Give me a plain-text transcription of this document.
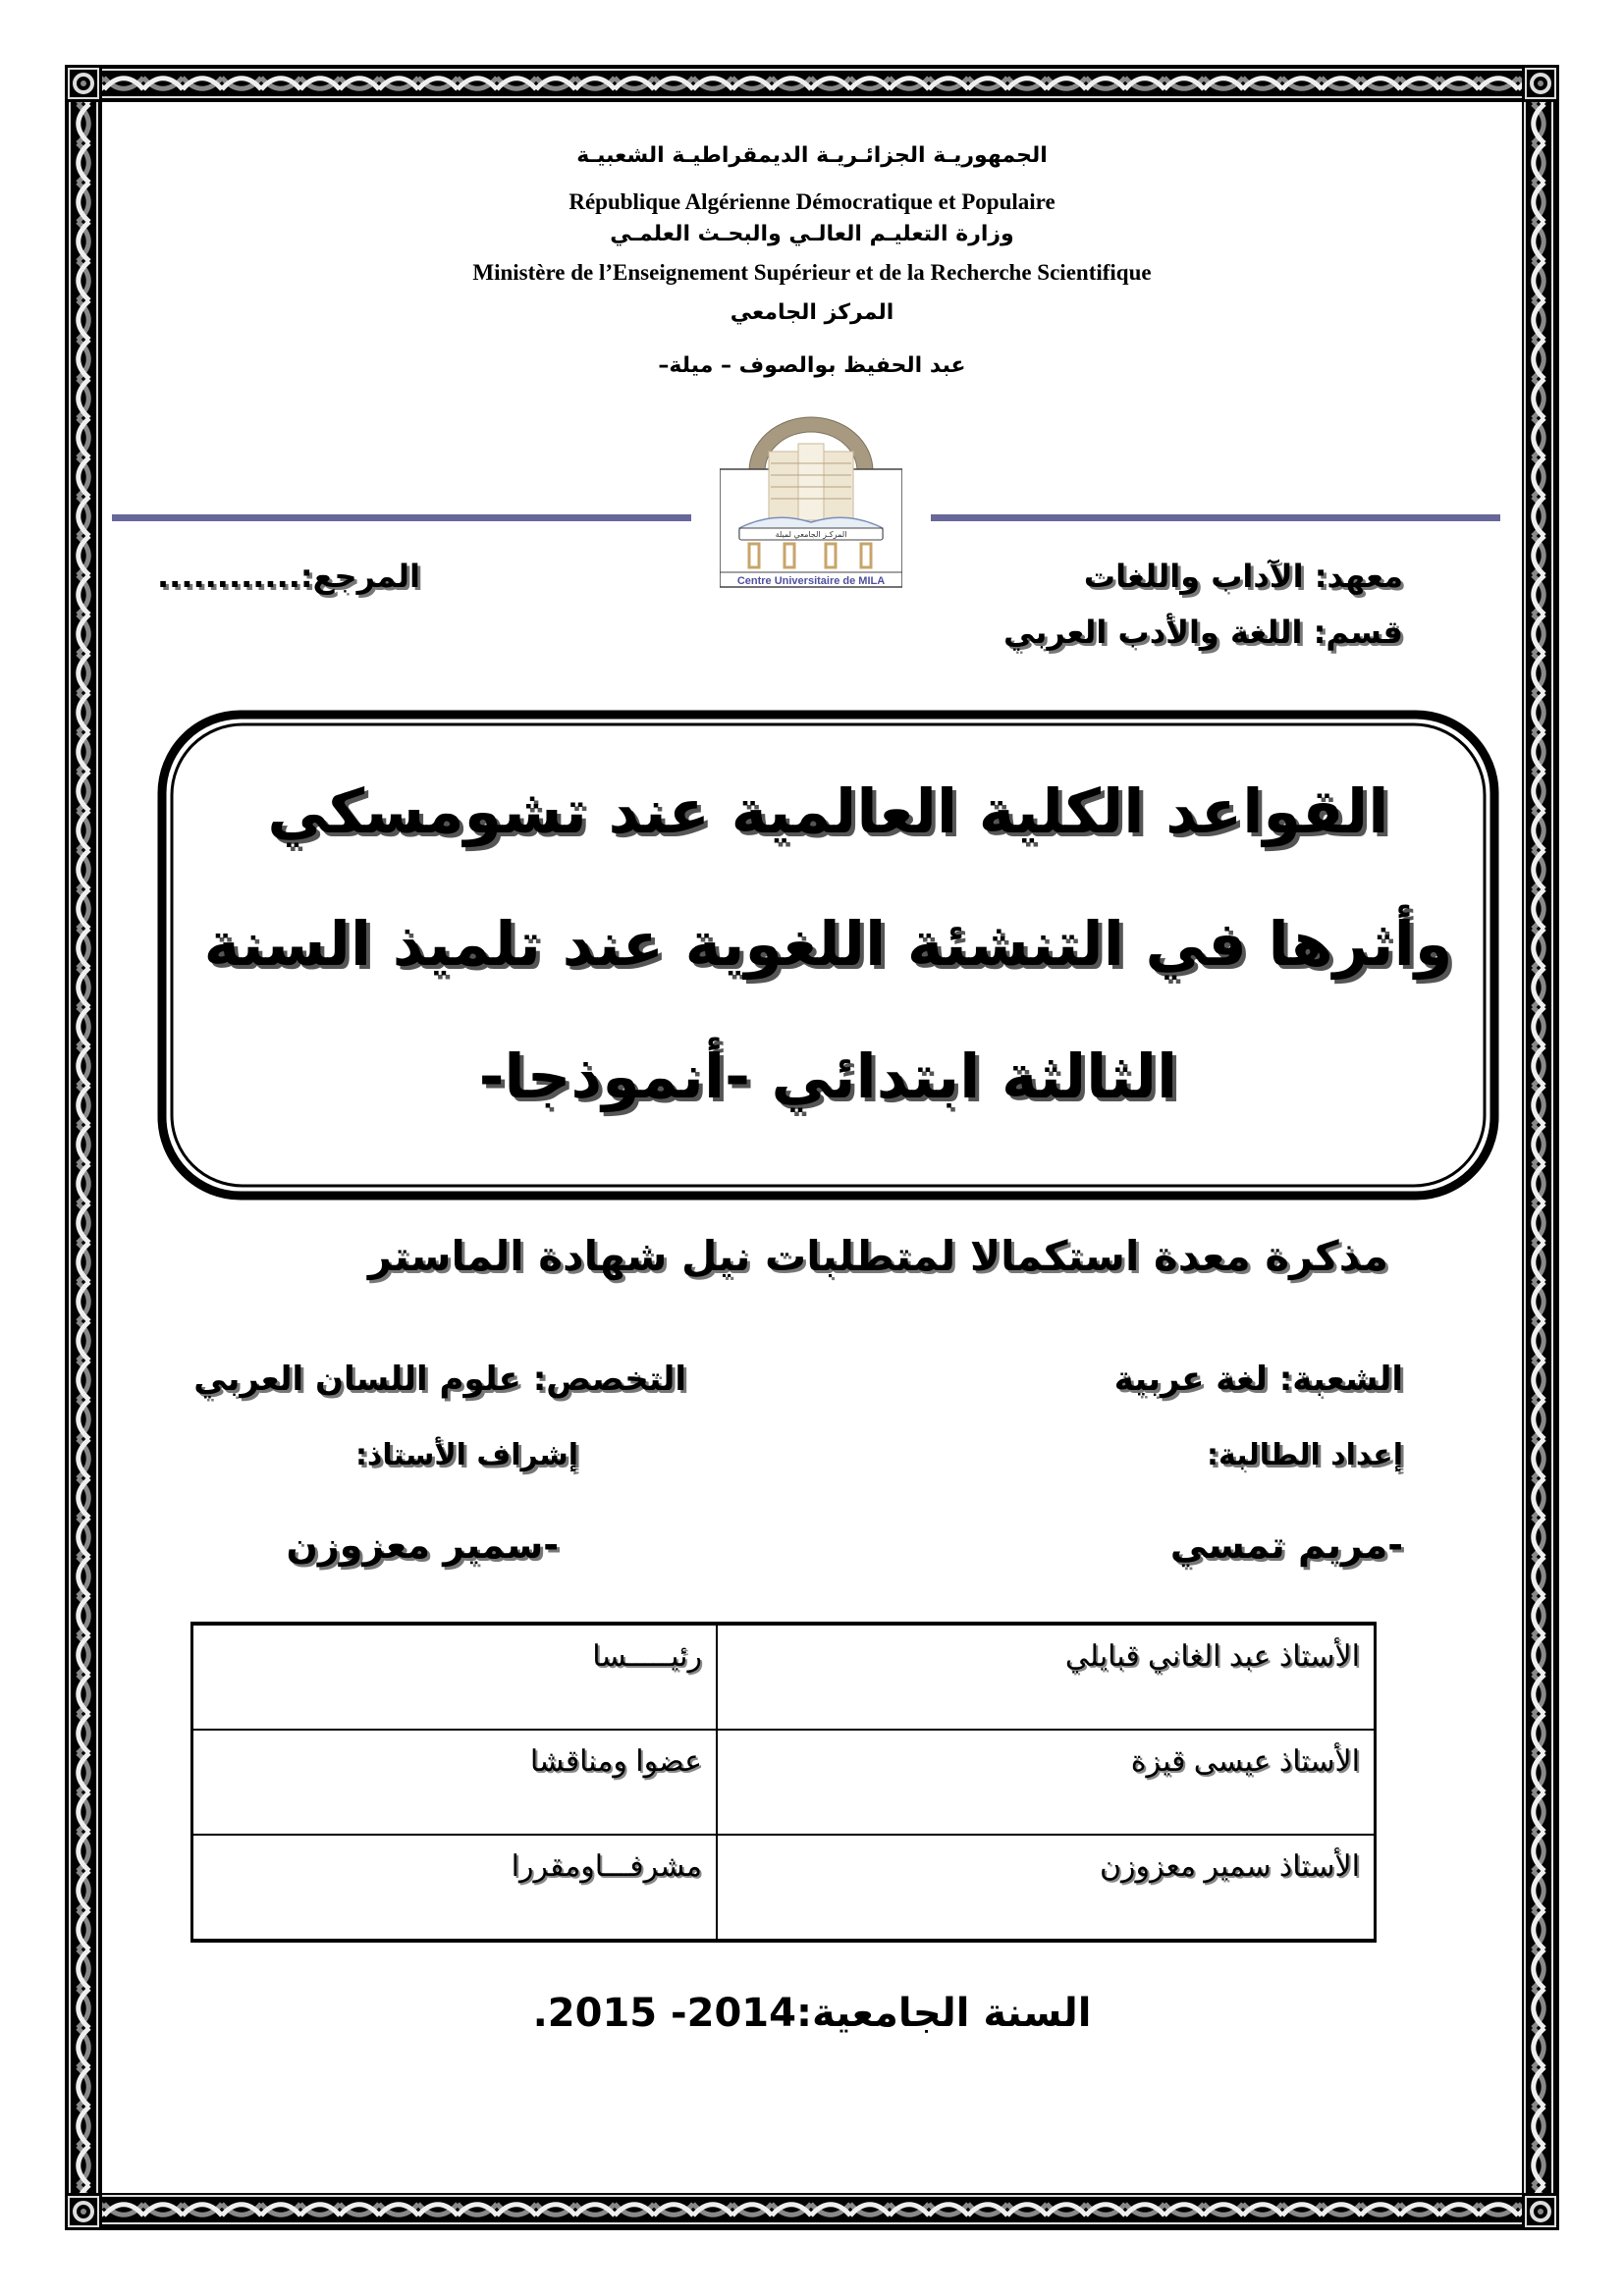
الجمهوريـة الجزائـريـة الديمقراطيـة الشعبيـة
République Algérienne Démocratique et Populaire
وزارة التعليـم العالـي والبحـث العلمـي
Ministère de l’Enseignement Supérieur et de la Recherche Scientifique
المركز الجامعي
عبد الحفيظ بوالصوف – ميلة–
المركـز الجامعي لميلة
Centre Universitaire de MILA	معهد: الآداب واللغات
قسم: اللغة والأدب العربي
المرجع:............
القواعد الكلية العالمية عند تشومسكي
وأثرها في التنشئة اللغوية عند تلميذ السنة
الثالثة ابتدائي -أنموذجا-
مذكرة معدة استكمالا لمتطلبات نيل شهادة الماستر
الشعبة: لغة عربية
التخصص: علوم اللسان العربي
إعداد الطالبة:
إشراف الأستاذ:
-مريم تمسي
-سمير معزوزن
رئيـــــسا	الأستاذ عبد الغاني قبايلي
عضوا ومناقشا	الأستاذ عيسى قيزة
مشرفـــاومقررا	الأستاذ سمير معزوزن
السنة الجامعية:2014- 2015.
